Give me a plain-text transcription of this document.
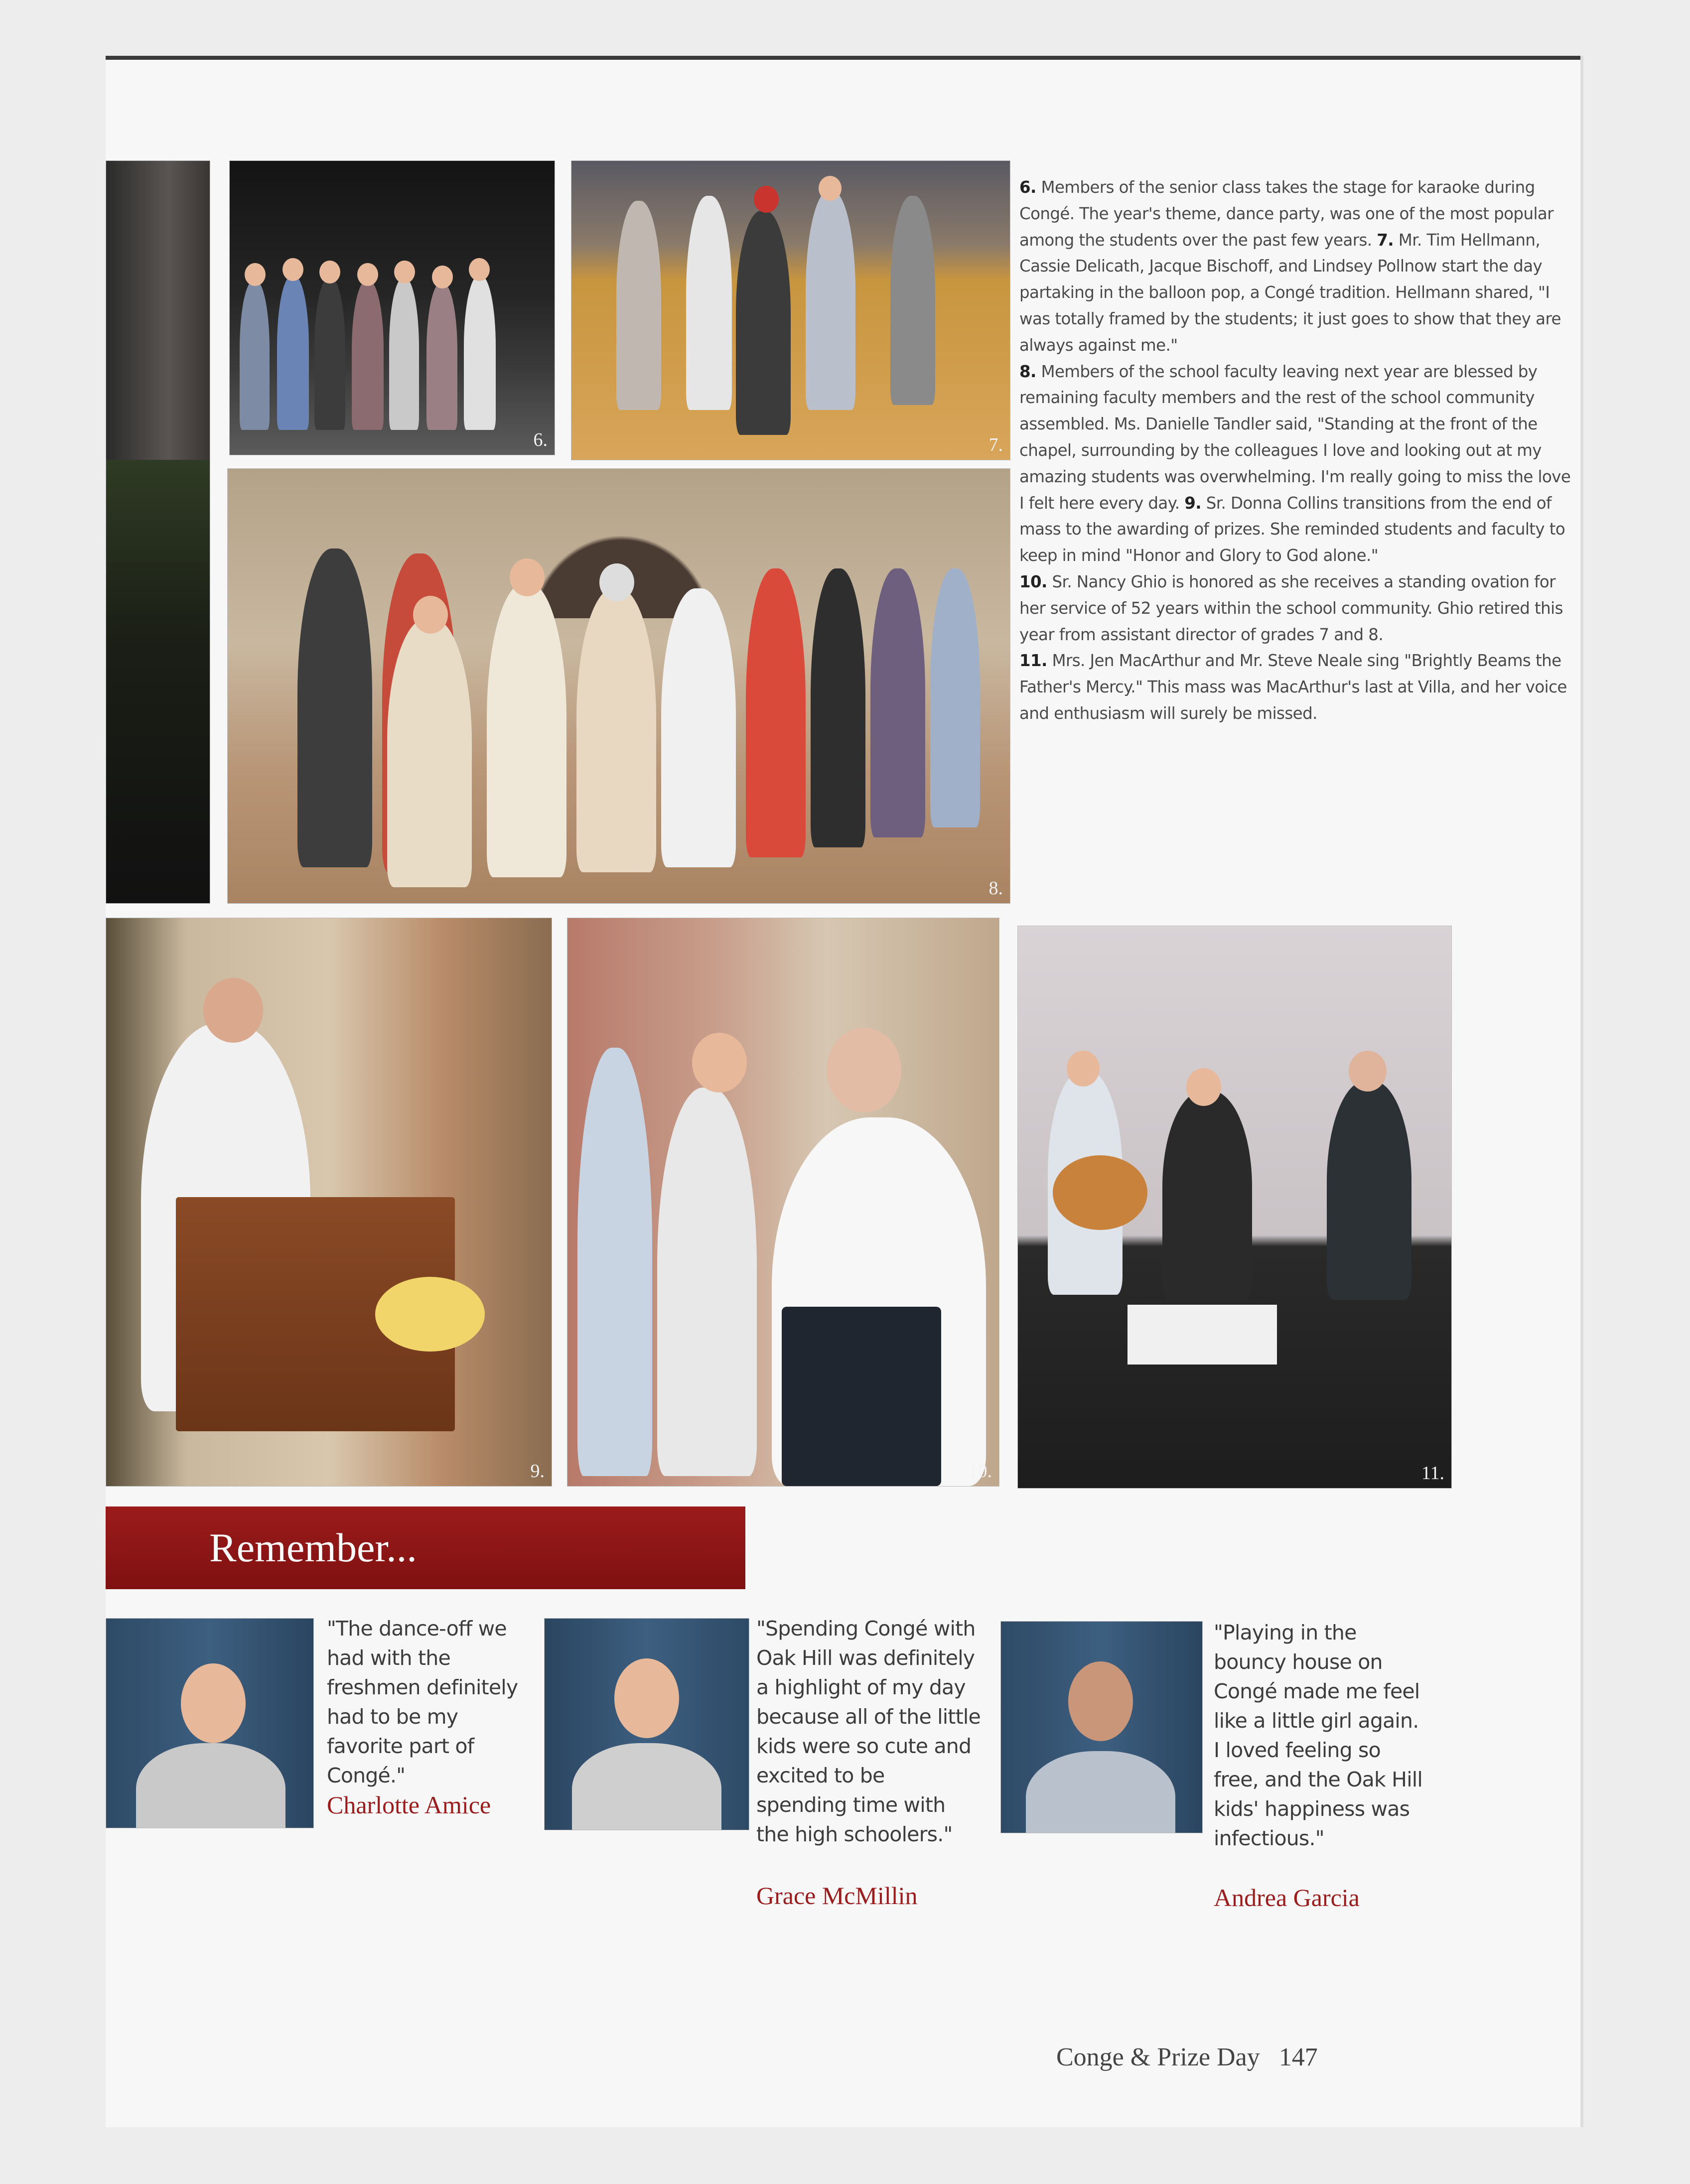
6.	7.
8.
9.	10.	11.

6. Members of the senior class takes the stage for karaoke during Congé. The year's theme, dance party, was one of the most popular among the students over the past few years. 7. Mr. Tim Hellmann, Cassie Delicath, Jacque Bischoff, and Lindsey Pollnow start the day partaking in the balloon pop, a Congé tradition. Hellmann shared, "I was totally framed by the students; it just goes to show that they are always against me."
8. Members of the school faculty leaving next year are blessed by remaining faculty members and the rest of the school community assembled. Ms. Danielle Tandler said, "Standing at the front of the chapel, surrounding by the colleagues I love and looking out at my amazing students was overwhelming. I'm really going to miss the love I felt here every day. 9. Sr. Donna Collins transitions from the end of mass to the awarding of prizes. She reminded students and faculty to keep in mind "Honor and Glory to God alone."
10. Sr. Nancy Ghio is honored as she receives a standing ovation for her service of 52 years within the school community. Ghio retired this year from assistant director of grades 7 and 8.
11. Mrs. Jen MacArthur and Mr. Steve Neale sing "Brightly Beams the Father's Mercy." This mass was MacArthur's last at Villa, and her voice and enthusiasm will surely be missed.

Remember...

"The dance-off we had with the freshmen definitely had to be my favorite part of Congé."

Charlotte Amice

"Spending Congé with Oak Hill was definitely a highlight of my day because all of the little kids were so cute and excited to be spending time with the high schoolers."

Grace McMillin

"Playing in the bouncy house on Congé made me feel like a little girl again. I loved feeling so free, and the Oak Hill kids' happiness was infectious."

Andrea Garcia
Conge & Prize Day 147
